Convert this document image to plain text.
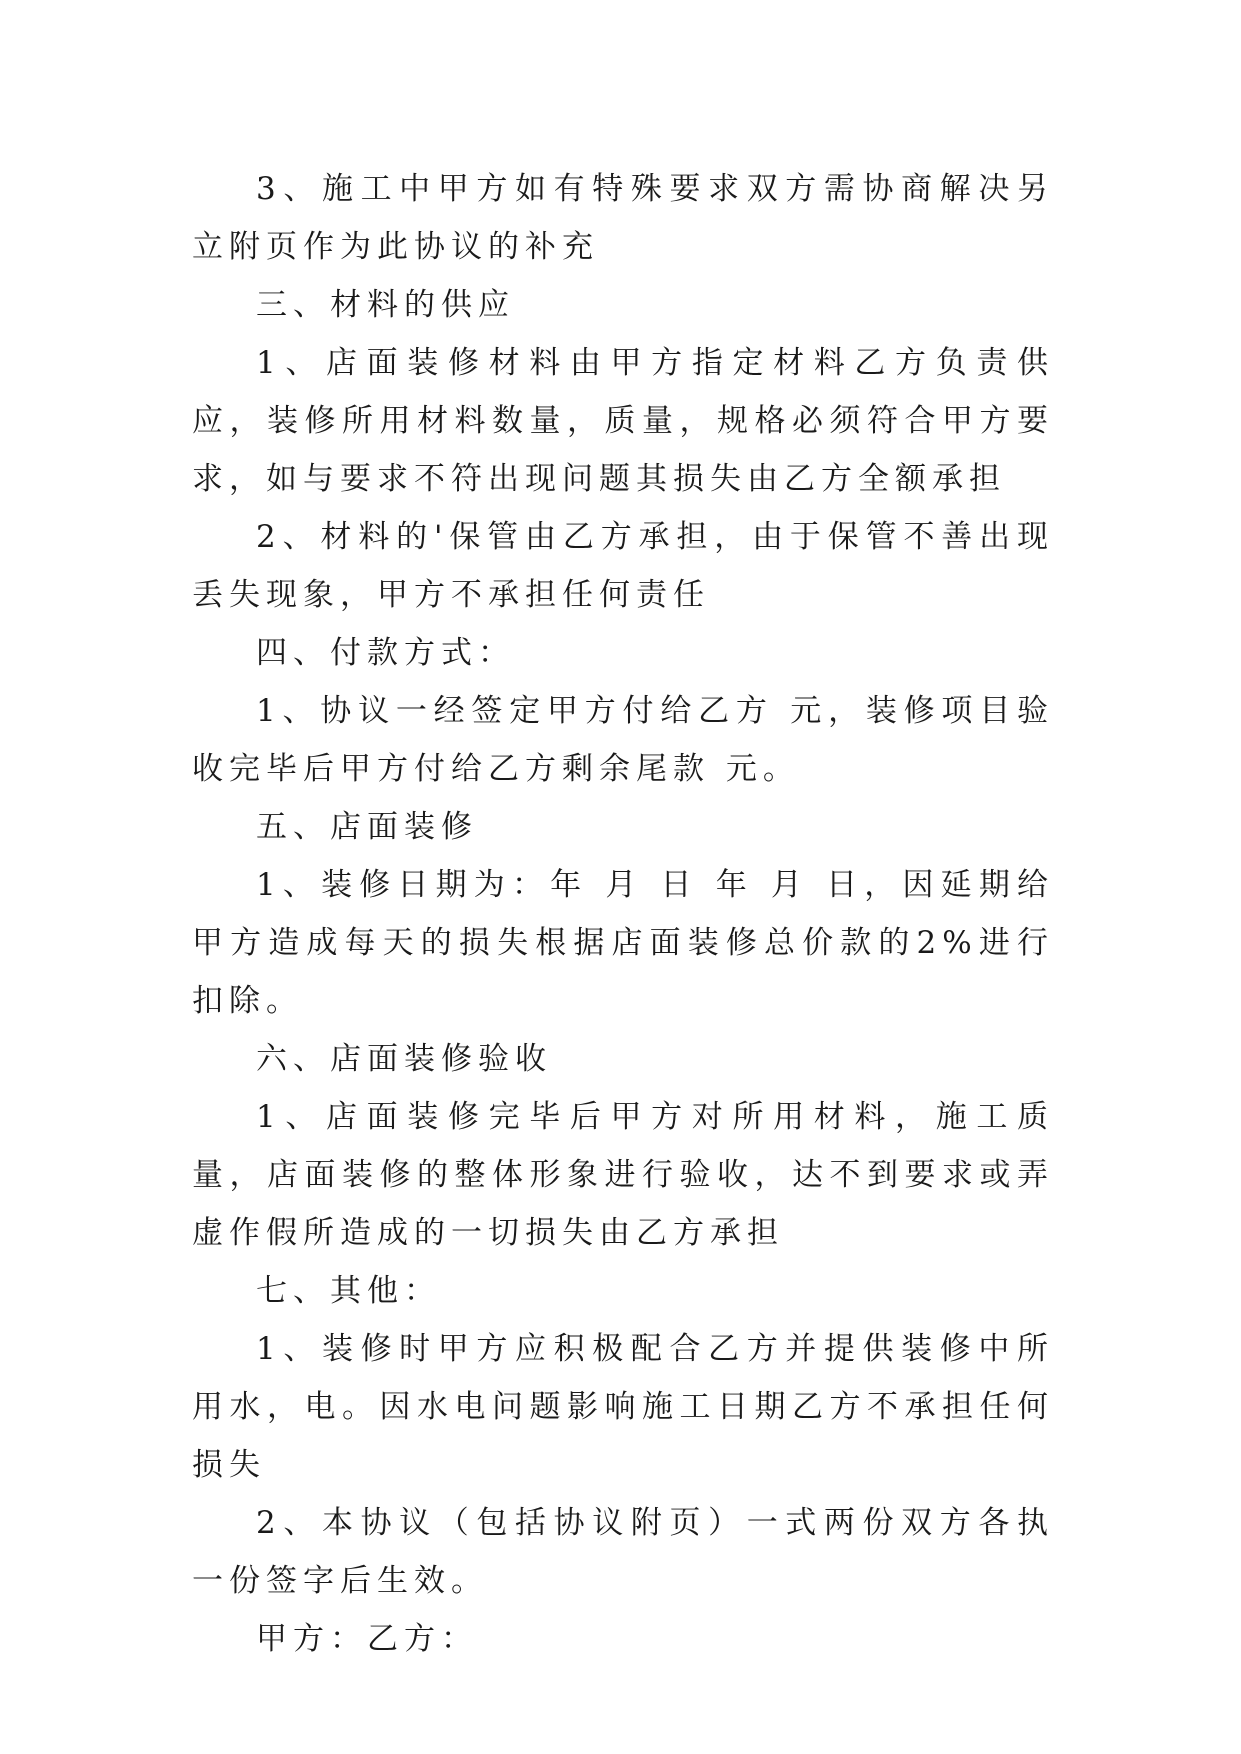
3、施工中甲方如有特殊要求双方需协商解决另立附页作为此协议的补充

三、材料的供应

1、店面装修材料由甲方指定材料乙方负责供应，装修所用材料数量，质量，规格必须符合甲方要求，如与要求不符出现问题其损失由乙方全额承担

2、材料的'保管由乙方承担，由于保管不善出现丢失现象，甲方不承担任何责任

四、付款方式：

1、协议一经签定甲方付给乙方 元，装修项目验收完毕后甲方付给乙方剩余尾款 元。

五、店面装修

1、装修日期为：年 月 日 年 月 日，因延期给甲方造成每天的损失根据店面装修总价款的2%进行扣除。

六、店面装修验收

1、店面装修完毕后甲方对所用材料，施工质量，店面装修的整体形象进行验收，达不到要求或弄虚作假所造成的一切损失由乙方承担

七、其他：

1、装修时甲方应积极配合乙方并提供装修中所用水，电。因水电问题影响施工日期乙方不承担任何损失

2、本协议（包括协议附页）一式两份双方各执一份签字后生效。

甲方：乙方：
